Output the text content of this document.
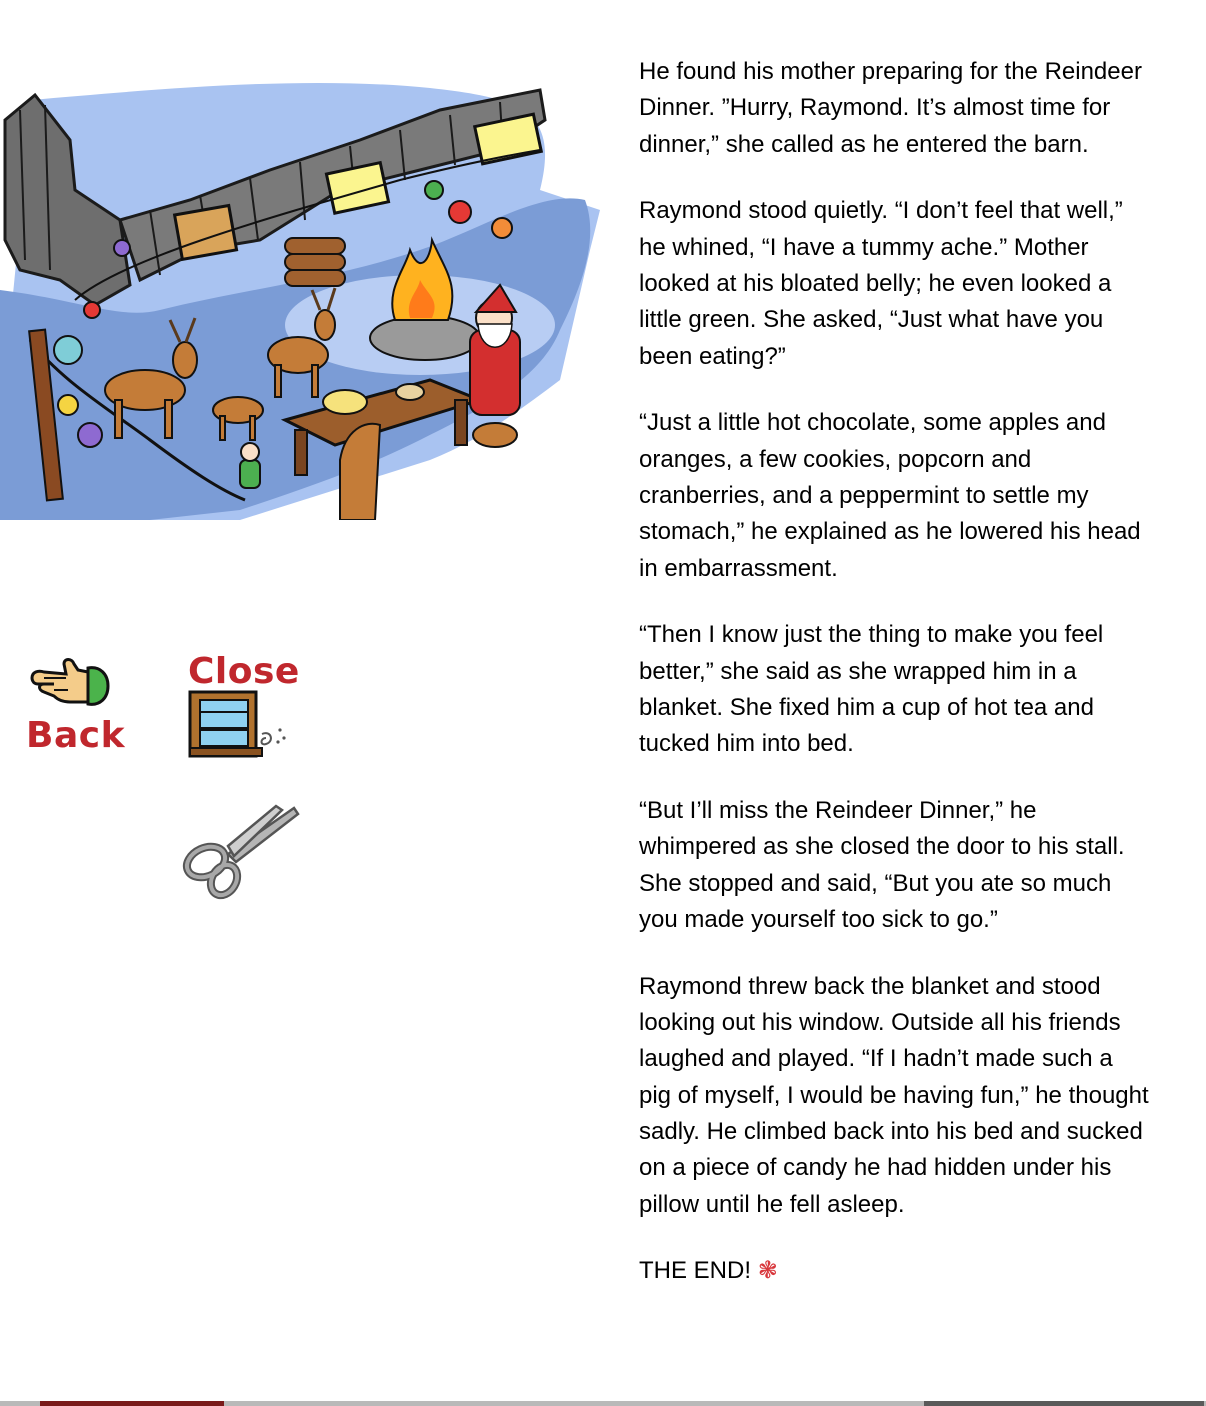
Back
Close

He found his mother preparing for the Reindeer Dinner. ”Hurry, Raymond. It’s almost time for dinner,” she called as he entered the barn.

Raymond stood quietly. “I don’t feel that well,” he whined, “I have a tummy ache.” Mother looked at his bloated belly; he even looked a little green. She asked, “Just what have you been eating?”

“Just a little hot chocolate, some apples and oranges, a few cookies, popcorn and cranberries, and a peppermint to settle my stomach,” he explained as he lowered his head in embarrassment.

“Then I know just the thing to make you feel better,” she said as she wrapped him in a blanket. She fixed him a cup of hot tea and tucked him into bed.

“But I’ll miss the Reindeer Dinner,” he whimpered as she closed the door to his stall. She stopped and said, “But you ate so much you made yourself too sick to go.”

Raymond threw back the blanket and stood looking out his window. Outside all his friends laughed and played. “If I hadn’t made such a pig of myself, I would be having fun,” he thought sadly. He climbed back into his bed and sucked on a piece of candy he had hidden under his pillow until he fell asleep.

THE END! ❃
